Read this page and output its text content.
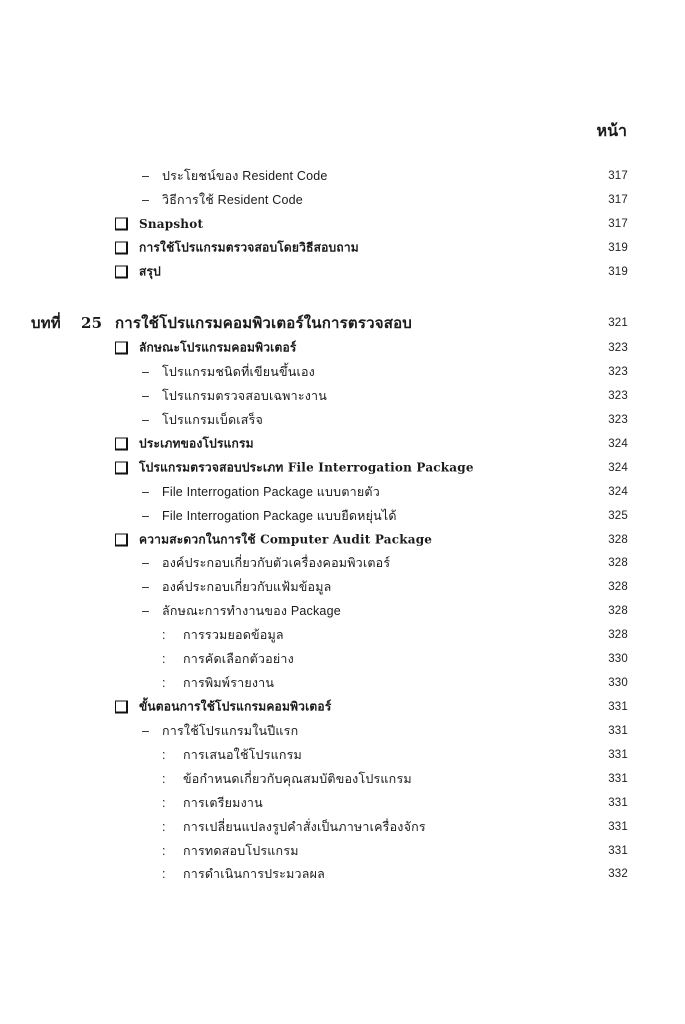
หน้า
– ประโยชน์ของ Resident Code	317
– วิธีการใช้ Resident Code	317
Snapshot	317
การใช้โปรแกรมตรวจสอบโดยวิธีสอบถาม	319
สรุป	319
บทที่ 25 การใช้โปรแกรมคอมพิวเตอร์ในการตรวจสอบ	321
ลักษณะโปรแกรมคอมพิวเตอร์	323
– โปรแกรมชนิดที่เขียนขึ้นเอง	323
– โปรแกรมตรวจสอบเฉพาะงาน	323
– โปรแกรมเบ็ดเสร็จ	323
ประเภทของโปรแกรม	324
โปรแกรมตรวจสอบประเภท File Interrogation Package	324
– File Interrogation Package แบบตายตัว	324
– File Interrogation Package แบบยืดหยุ่นได้	325
ความสะดวกในการใช้ Computer Audit Package	328
– องค์ประกอบเกี่ยวกับตัวเครื่องคอมพิวเตอร์	328
– องค์ประกอบเกี่ยวกับแฟ้มข้อมูล	328
– ลักษณะการทำงานของ Package	328
: การรวมยอดข้อมูล	328
: การคัดเลือกตัวอย่าง	330
: การพิมพ์รายงาน	330
ขั้นตอนการใช้โปรแกรมคอมพิวเตอร์	331
– การใช้โปรแกรมในปีแรก	331
: การเสนอใช้โปรแกรม	331
: ข้อกำหนดเกี่ยวกับคุณสมบัติของโปรแกรม	331
: การเตรียมงาน	331
: การเปลี่ยนแปลงรูปคำสั่งเป็นภาษาเครื่องจักร	331
: การทดสอบโปรแกรม	331
: การดำเนินการประมวลผล	332
